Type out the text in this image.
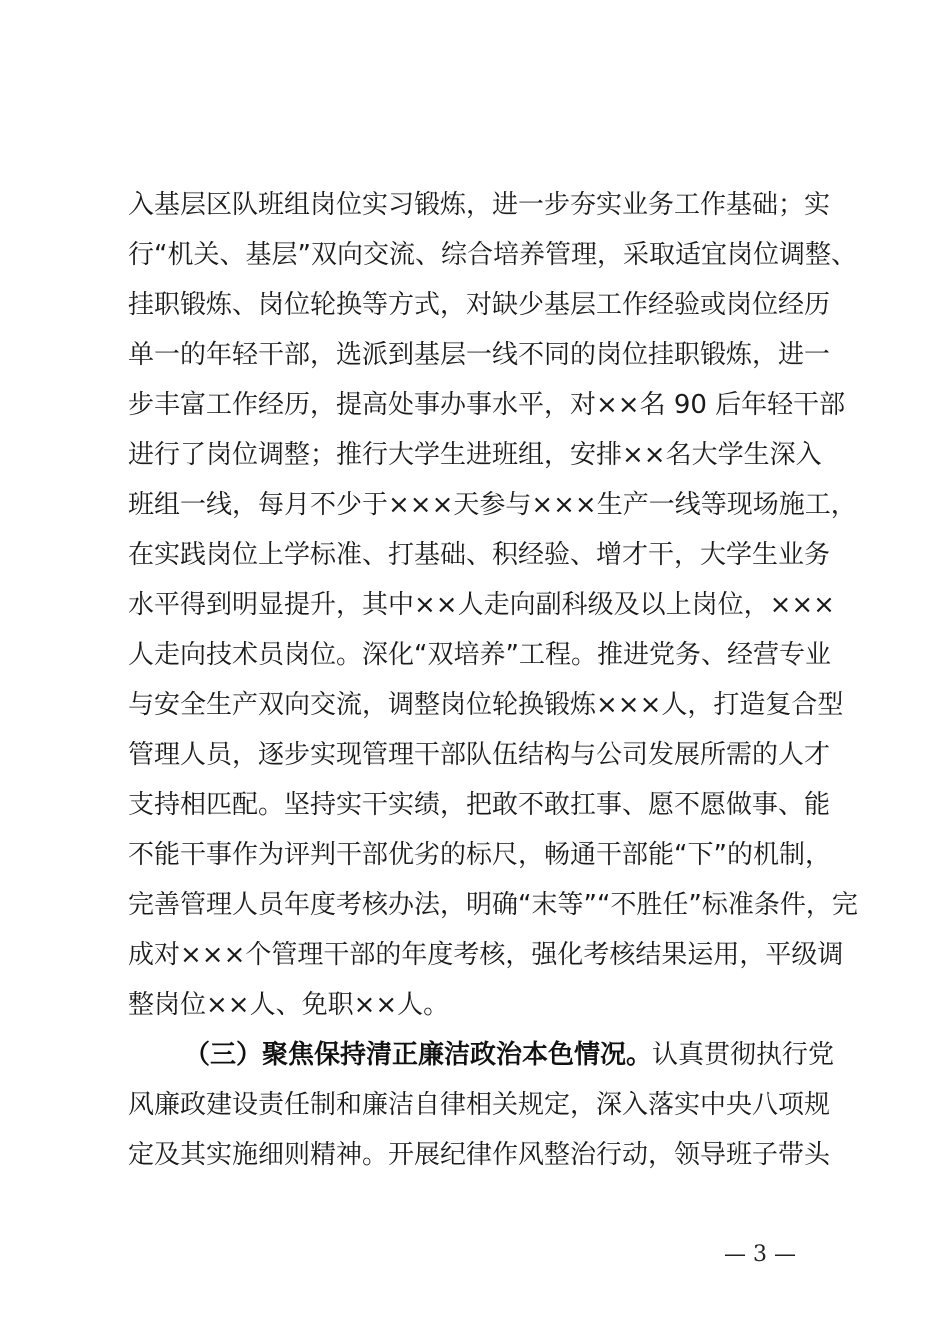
入基层区队班组岗位实习锻炼，进一步夯实业务工作基础；实
行“机关、基层”双向交流、综合培养管理，采取适宜岗位调整、
挂职锻炼、岗位轮换等方式，对缺少基层工作经验或岗位经历
单一的年轻干部，选派到基层一线不同的岗位挂职锻炼，进一
步丰富工作经历，提高处事办事水平，对××名 90 后年轻干部
进行了岗位调整；推行大学生进班组，安排××名大学生深入
班组一线，每月不少于×××天参与×××生产一线等现场施工，
在实践岗位上学标准、打基础、积经验、增才干，大学生业务
水平得到明显提升，其中××人走向副科级及以上岗位，×××
人走向技术员岗位。深化“双培养”工程。推进党务、经营专业
与安全生产双向交流，调整岗位轮换锻炼×××人，打造复合型
管理人员，逐步实现管理干部队伍结构与公司发展所需的人才
支持相匹配。坚持实干实绩，把敢不敢扛事、愿不愿做事、能
不能干事作为评判干部优劣的标尺，畅通干部能“下”的机制，
完善管理人员年度考核办法，明确“末等”“不胜任”标准条件，完
成对×××个管理干部的年度考核，强化考核结果运用，平级调
整岗位××人、免职××人。
（三）聚焦保持清正廉洁政治本色情况。认真贯彻执行党
风廉政建设责任制和廉洁自律相关规定，深入落实中央八项规
定及其实施细则精神。开展纪律作风整治行动，领导班子带头
— 3 —
